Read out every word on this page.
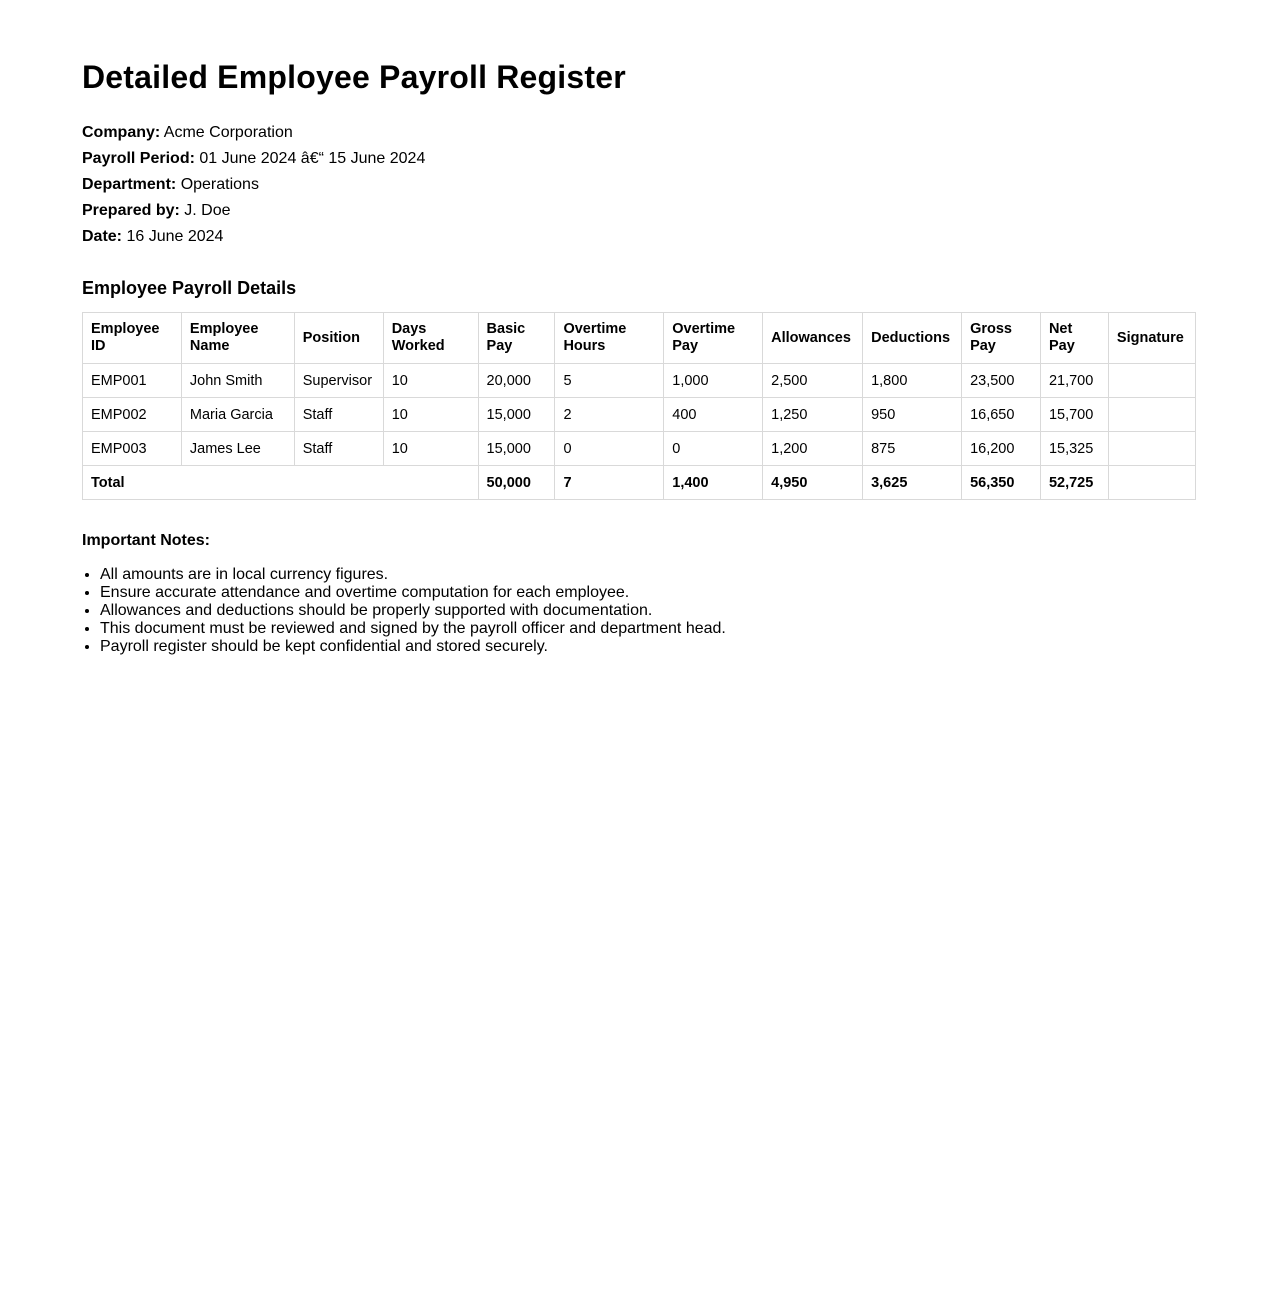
Detailed Employee Payroll Register
Company: Acme Corporation
Payroll Period: 01 June 2024 â€“ 15 June 2024
Department: Operations
Prepared by: J. Doe
Date: 16 June 2024
Employee Payroll Details
Employee ID	Employee Name	Position	Days Worked	Basic Pay	Overtime Hours	Overtime Pay	Allowances	Deductions	Gross Pay	Net Pay	Signature
EMP001	John Smith	Supervisor	10	20,000	5	1,000	2,500	1,800	23,500	21,700	
EMP002	Maria Garcia	Staff	10	15,000	2	400	1,250	950	16,650	15,700	
EMP003	James Lee	Staff	10	15,000	0	0	1,200	875	16,200	15,325	
Total				50,000	7	1,400	4,950	3,625	56,350	52,725	
Important Notes:
• All amounts are in local currency figures.
• Ensure accurate attendance and overtime computation for each employee.
• Allowances and deductions should be properly supported with documentation.
• This document must be reviewed and signed by the payroll officer and department head.
• Payroll register should be kept confidential and stored securely.
